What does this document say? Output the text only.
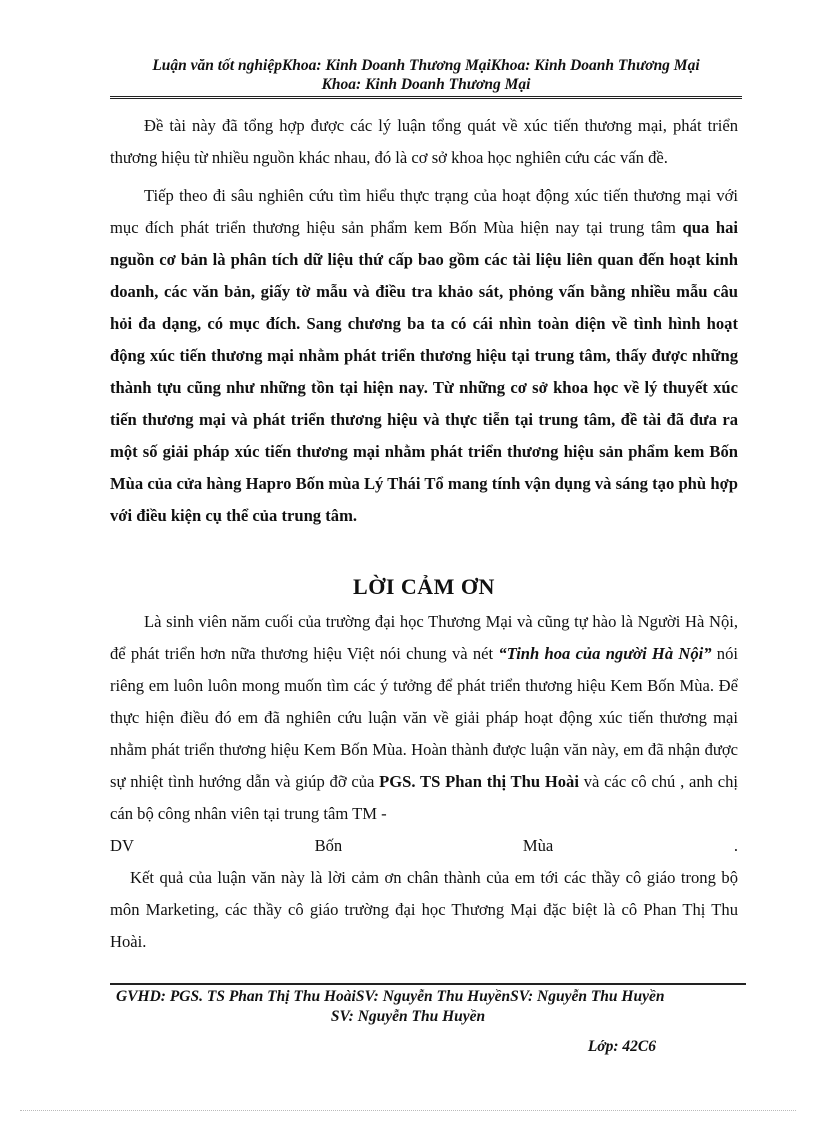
Luận văn tốt nghiệpKhoa: Kinh Doanh Thương MạiKhoa: Kinh Doanh Thương Mại
Khoa: Kinh Doanh Thương Mại

Đề tài này đã tổng hợp được các lý luận tổng quát về xúc tiến thương mại, phát triển thương hiệu từ nhiều nguồn khác nhau, đó là cơ sở khoa học nghiên cứu các vấn đề.

Tiếp theo đi sâu nghiên cứu tìm hiểu thực trạng của hoạt động xúc tiến thương mại với mục đích phát triển thương hiệu sản phẩm kem Bốn Mùa hiện nay tại trung tâm qua hai nguồn cơ bản là phân tích dữ liệu thứ cấp bao gồm các tài liệu liên quan đến hoạt kinh doanh, các văn bản, giấy tờ mẫu và điều tra khảo sát, phỏng vấn bằng nhiều mẫu câu hỏi đa dạng, có mục đích. Sang chương ba ta có cái nhìn toàn diện về tình hình hoạt động xúc tiến thương mại nhằm phát triển thương hiệu tại trung tâm, thấy được những thành tựu cũng như những tồn tại hiện nay. Từ những cơ sở khoa học về lý thuyết xúc tiến thương mại và phát triển thương hiệu và thực tiễn tại trung tâm, đề tài đã đưa ra một số giải pháp xúc tiến thương mại nhằm phát triển thương hiệu sản phẩm kem Bốn Mùa của cửa hàng Hapro Bốn mùa Lý Thái Tổ mang tính vận dụng và sáng tạo phù hợp với điều kiện cụ thể của trung tâm.

LỜI CẢM ƠN

Là sinh viên năm cuối của trường đại học Thương Mại và cũng tự hào là Người Hà Nội, để phát triển hơn nữa thương hiệu Việt nói chung và nét “Tinh hoa của người Hà Nội” nói riêng em luôn luôn mong muốn tìm các ý tưởng để phát triển thương hiệu Kem Bốn Mùa. Để thực hiện điều đó em đã nghiên cứu luận văn về giải pháp hoạt động xúc tiến thương mại nhằm phát triển thương hiệu Kem Bốn Mùa. Hoàn thành được luận văn này, em đã nhận được sự nhiệt tình hướng dẫn và giúp đỡ của PGS. TS Phan thị Thu Hoài và các cô chú , anh chị cán bộ công nhân viên tại trung tâm TM -

DV	Bốn	Mùa	.

Kết quả của luận văn này là lời cảm ơn chân thành của em tới các thầy cô giáo trong bộ môn Marketing, các thầy cô giáo trường đại học Thương Mại đặc biệt là cô Phan Thị Thu Hoài.

GVHD: PGS. TS Phan Thị Thu HoàiSV: Nguyễn Thu HuyềnSV: Nguyễn Thu Huyền
SV: Nguyễn Thu Huyền
Lớp: 42C6
